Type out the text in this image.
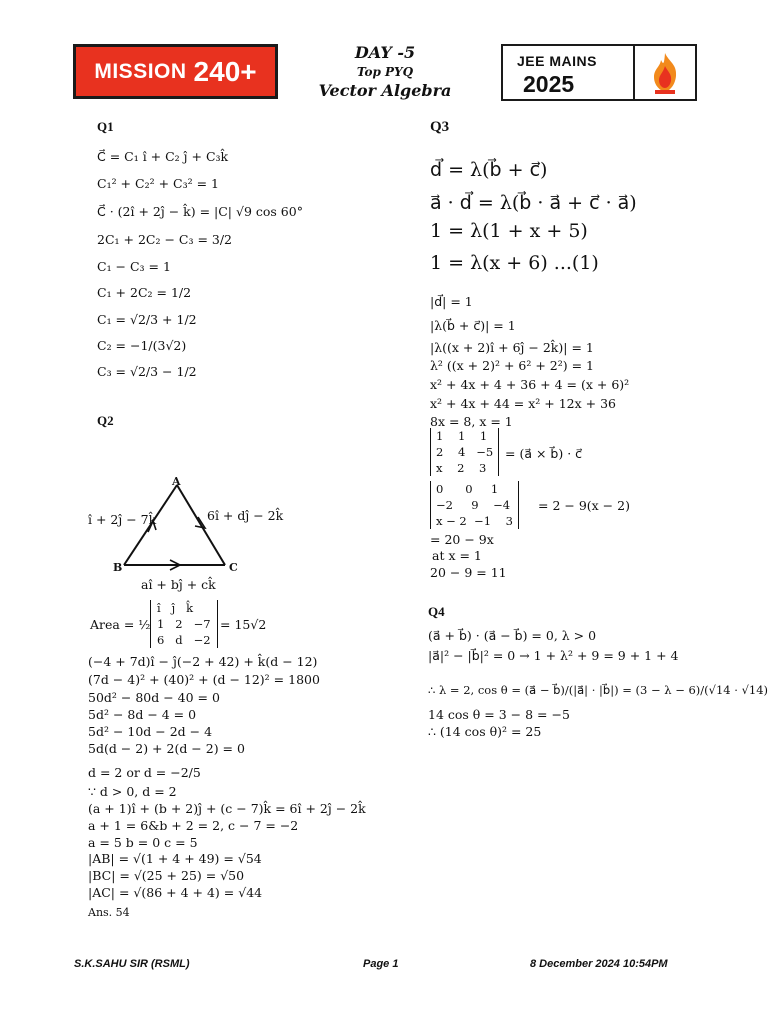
MISSION 240+
DAY -5
Top PYQ
Vector Algebra
JEE MAINS
2025
Q1
C⃗ = C₁ î + C₂ ĵ + C₃k̂
C₁² + C₂² + C₃² = 1
C⃗ · (2î + 2ĵ − k̂) = |C| √9 cos 60°
2C₁ + 2C₂ − C₃ = 3/2
C₁ − C₃ = 1
C₁ + 2C₂ = 1/2
C₁ = √2/3 + 1/2
C₂ = −1/(3√2)
C₃ = √2/3 − 1/2
Q2
A
B	C
î + 2ĵ − 7k̂	6î + dĵ − 2k̂
aî + bĵ + ck̂
Area = ½
î   ĵ   k̂
1   2   −7
6   d   −2
= 15√2
(−4 + 7d)î − ĵ(−2 + 42) + k̂(d − 12)
(7d − 4)² + (40)² + (d − 12)² = 1800
50d² − 80d − 40 = 0
5d² − 8d − 4 = 0
5d² − 10d − 2d − 4
5d(d − 2) + 2(d − 2) = 0
d = 2 or d = −2/5
∵ d > 0, d = 2
(a + 1)î + (b + 2)ĵ + (c − 7)k̂ = 6î + 2ĵ − 2k̂
a + 1 = 6&b + 2 = 2, c − 7 = −2
a = 5 b = 0 c = 5
|AB| = √(1 + 4 + 49) = √54
|BC| = √(25 + 25) = √50
|AC| = √(86 + 4 + 4) = √44
Ans. 54
Q3
d⃗ = λ(b⃗ + c⃗)
a⃗ · d⃗ = λ(b⃗ · a⃗ + c⃗ · a⃗)
1 = λ(1 + x + 5)
1 = λ(x + 6) ...(1)
|d⃗| = 1
|λ(b⃗ + c⃗)| = 1
|λ((x + 2)î + 6ĵ − 2k̂)| = 1
λ² ((x + 2)² + 6² + 2²) = 1
x² + 4x + 4 + 36 + 4 = (x + 6)²
x² + 4x + 44 = x² + 12x + 36
8x = 8, x = 1
1    1    1
2    4   −5
x    2    3
= (a⃗ × b⃗) · c⃗
0      0     1
−2     9    −4
x − 2  −1    3
= 2 − 9(x − 2)
= 20 − 9x
at x = 1
20 − 9 = 11
Q4
(a⃗ + b⃗) · (a⃗ − b⃗) = 0, λ > 0
|a⃗|² − |b⃗|² = 0 → 1 + λ² + 9 = 9 + 1 + 4
∴ λ = 2, cos θ = (a⃗ − b⃗)/(|a⃗| · |b⃗|) = (3 − λ − 6)/(√14 · √14)
14 cos θ = 3 − 8 = −5
∴ (14 cos θ)² = 25
S.K.SAHU SIR (RSML)	Page 1	8 December 2024 10:54PM
